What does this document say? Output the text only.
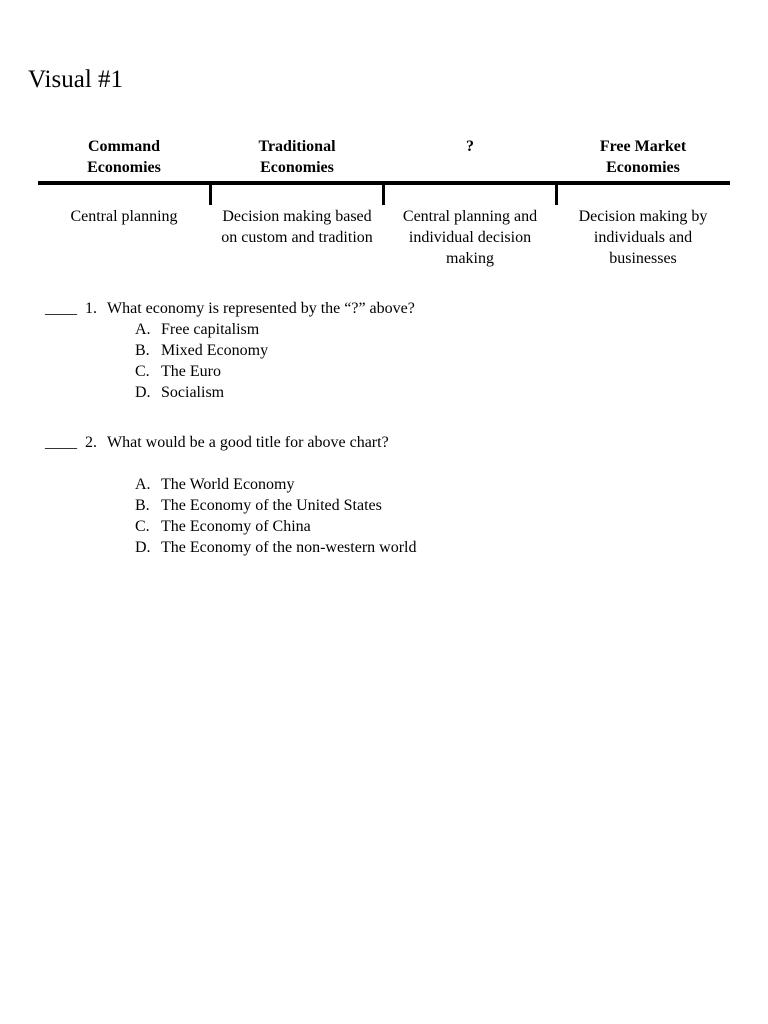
Visual #1
Command
Economies
Traditional
Economies
?	Free Market
Economies
Central planning	Decision making based on custom and tradition
Central planning and individual decision making
Decision making by individuals and businesses
____ 1. What economy is represented by the “?” above?
A. Free capitalism
B. Mixed Economy
C. The Euro
D. Socialism
____ 2. What would be a good title for above chart?
A. The World Economy
B. The Economy of the United States
C. The Economy of China
D. The Economy of the non-western world
